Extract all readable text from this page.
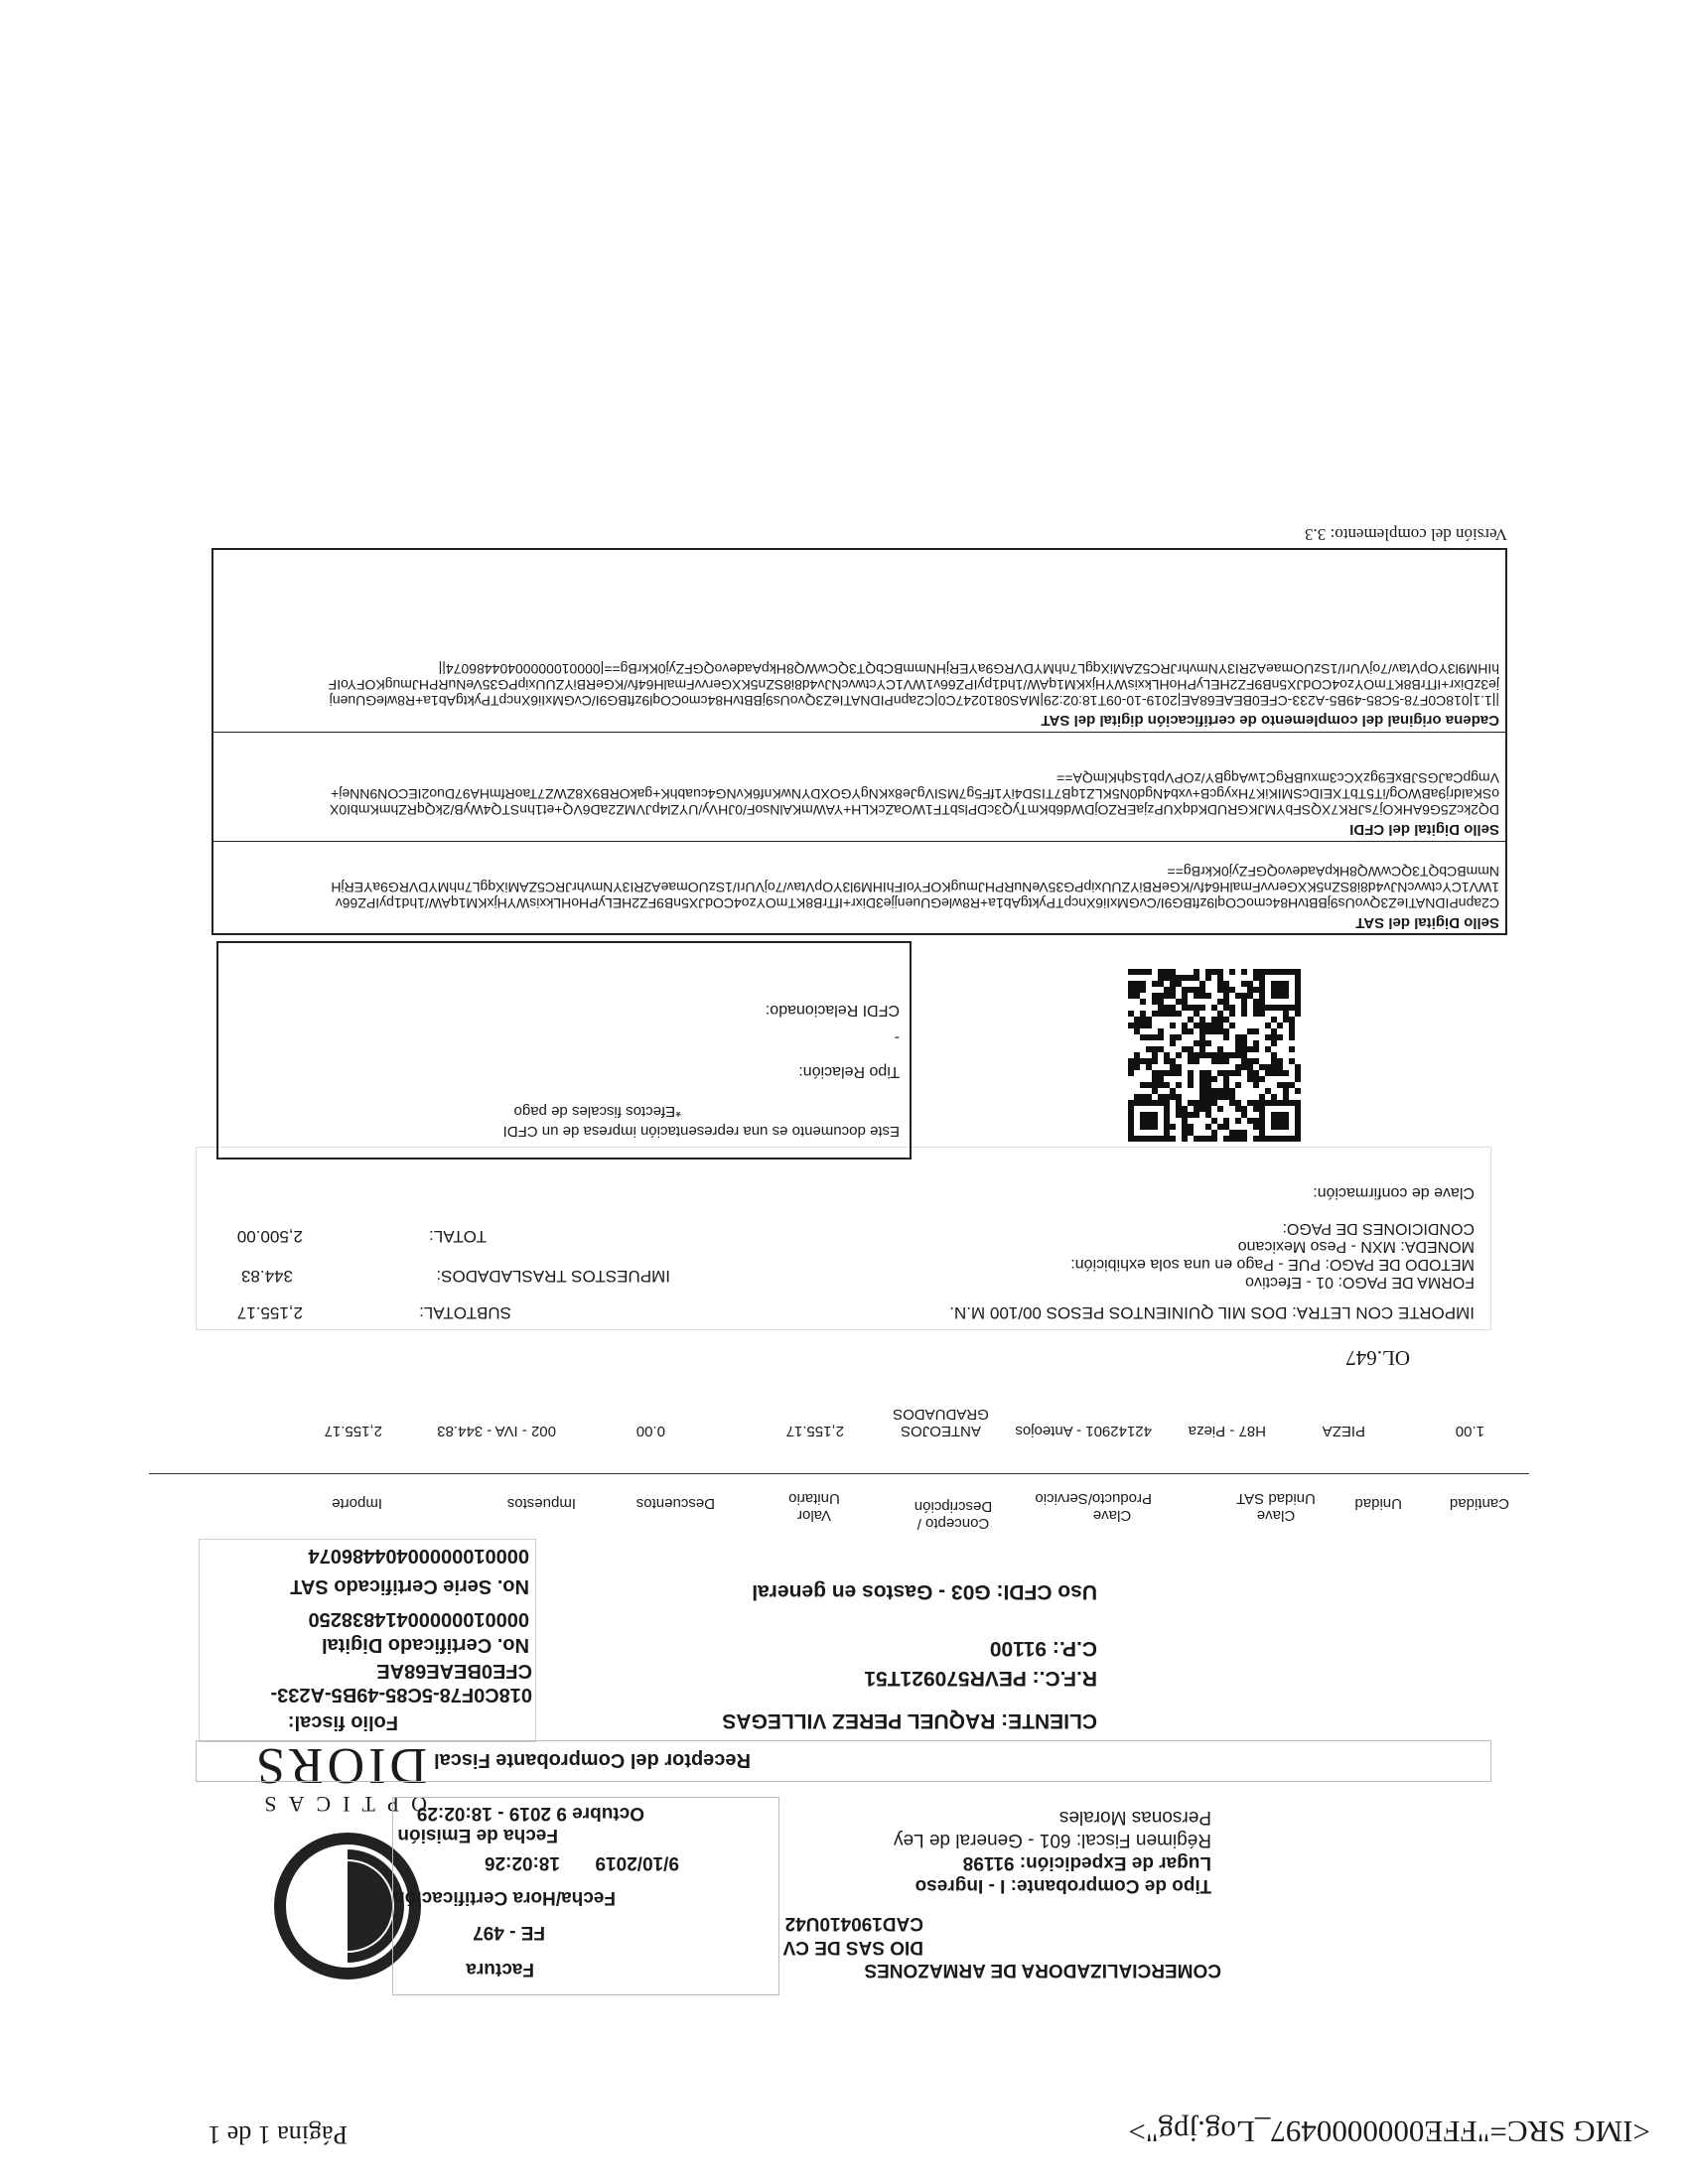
<IMG SRC="FFE0000000497_Log.jpg">
Página 1 de 1
OPTICAS
DIORS
COMERCIALIZADORA DE ARMAZONES
DIO SAS DE CV
CAD190410U42
Tipo de Comprobante: I - Ingreso
Lugar de Expedición: 91198
Régimen Fiscal: 601 - General de Ley
Personas Morales
Factura
FE - 497
Fecha/Hora Certificación
9/10/2019
18:02:26
Fecha de Emisión
Octubre 9 2019 - 18:02:29
Receptor del Comprobante Fiscal
CLIENTE: RAQUEL PEREZ VILLEGAS
R.F.C.: PEVR570921T51
C.P.: 91100
Uso CFDI: G03 - Gastos en general
Folio fiscal:
018C0F78-5C85-49B5-A233-
CFE0BEAE68AE
No. Certificado Digital
00001000000414838250
No. Serie Certificado SAT
00001000000404486074
Cantidad
Unidad
Clave Unidad SAT
Clave Producto/Servicio
Concepto / Descripción
Valor Unitario
Descuentos
Impuestos
Importe
1.00
PIEZA
H87 - Pieza
42142901 - Anteojos
ANTEOJOS GRADUADOS
2,155.17
0.00
002 - IVA - 344.83
2,155.17
OL.647
IMPORTE CON LETRA: DOS MIL QUINIENTOS PESOS 00/100 M.N.
FORMA DE PAGO: 01 - Efectivo
METODO DE PAGO: PUE - Pago en una sola exhibición:
MONEDA: MXN - Peso Mexicano
CONDICIONES DE PAGO:
SUBTOTAL:
2,155.17
IMPUESTOS TRASLADADOS:
344.83
TOTAL:
2,500.00
Clave de confirmación:
Este documento es una representación impresa de un CFDI
*Efectos fiscales de pago
Tipo Relación:
-
CFDI Relacionado:
Sello Digital del SAT
C2apnPIDNATIeZ3QvoUs9jBBtvH84cmoCOql9zftBG9I/CvGMxIi6XncpTPyktgAb1a+R8wleGUuenjje3Dixr+IfTrB8KTmOYzo4COdJX5nB9FZ2HELyPHoHLkxisWYHjxKM1qAW/1hd1pyIPZ66v1WV1CYctwvcNJv4d8i8SZn5KXGervvFmalH64fv/KGeRBiYZUUxipPG35VeNuRPHJmugKOFYoIFhIHM9l3YOpVtav/7ojVUrI/1SzUOmaeA2RI3YNmvhrJRC5ZAMiXqgL7nhMYDVRG9aYERjHNmmBCbQT3QCwWQ8HkpAadevoQGFZyj0KkrBg==
Sello Digital del CFDI
DQ2kcZ5G6AHKOj7sJRK7XQSFbYMJKGRUDKdqXUPzjaERZOjDWd6bKmTyQ3cDPlsbTF1WOaZcKLH+YAWmKAlNsoF/0JHVy/UYZl4pJVMZ2aD6VQ+et1hnSTQ4WyB/2kQqRZhmKmbI0XoSKaIdrj9aBWOg/iT5TbTXEIDcSMIKiK7HxygcB+vxb4Ngd0N5KLZ1qB7TISD4iY1fF5g7MSIVgJe8xKNgYGOXDYNwKnf6KvNG4cuabhK+gakORB9X8ZWZ7TaoRfmHA97Duo2IECON9NNej+VmgpCaJGSJBxE9gzXCc3mxuBRgC1wAqgBY/zOPVpb1SqhKlmQA==
Cadena original del complemento de certificación digital del SAT
||1.1|018C0F78-5C85-49B5-A233-CFE0BEAE68AE|2019-10-09T18:02:29|MAS0810247C0|C2apnPIDNATIeZ3QvoUs9jBBtvH84cmoCOql9zftBG9I/CvGMxIi6XncpTPyktgAb1a+R8wleGUuenjje3zDixr+IfTrB8KTmOYzo4COdJX5nB9FZ2HELyPHoHLkxisWYHjxKM1qAW/1hd1pyIPZ66v1WV1CYctwvcNJv4d8i8SZn5KXGervvFmalH64fv/KGeRBiYZUUxipPG35VeNuRPHJmugKOFYoIFhIHM9l3YOpVtav/7ojVUrI/1SzUOmaeA2RI3YNmvhrJRC5ZAMiXqgL7nhMYDVRG9aYERjHNmmBCbQT3QCwWQ8HkpAadevoQGFZyj0KkrBg==|00001000000404486074||
Versión del complemento: 3.3
